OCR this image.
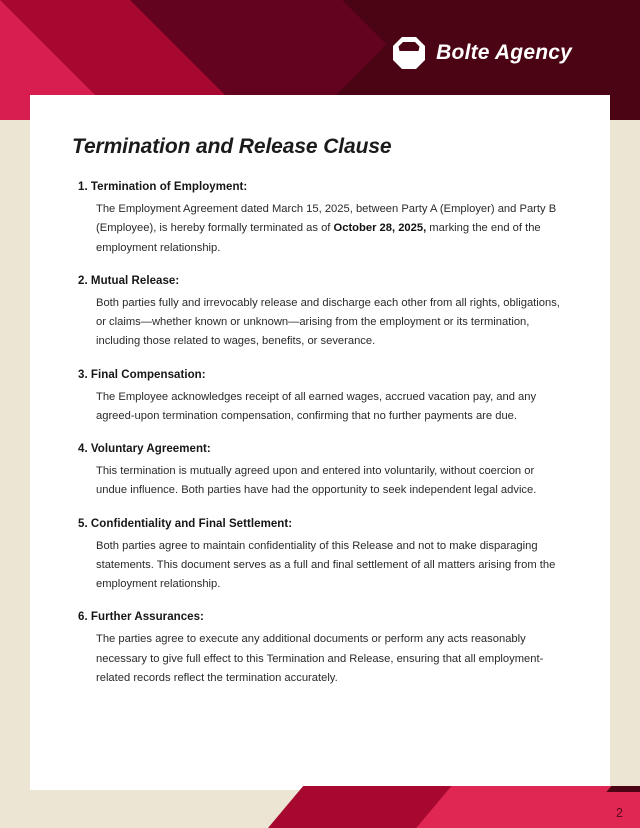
Bolte Agency
Termination and Release Clause

1. Termination of Employment:

The Employment Agreement dated March 15, 2025, between Party A (Employer) and Party B (Employee), is hereby formally terminated as of October 28, 2025, marking the end of the employment relationship.

2. Mutual Release:

Both parties fully and irrevocably release and discharge each other from all rights, obligations, or claims—whether known or unknown—arising from the employment or its termination, including those related to wages, benefits, or severance.

3. Final Compensation:

The Employee acknowledges receipt of all earned wages, accrued vacation pay, and any agreed-upon termination compensation, confirming that no further payments are due.

4. Voluntary Agreement:

This termination is mutually agreed upon and entered into voluntarily, without coercion or undue influence. Both parties have had the opportunity to seek independent legal advice.

5. Confidentiality and Final Settlement:

Both parties agree to maintain confidentiality of this Release and not to make disparaging statements. This document serves as a full and final settlement of all matters arising from the employment relationship.

6. Further Assurances:

The parties agree to execute any additional documents or perform any acts reasonably necessary to give full effect to this Termination and Release, ensuring that all employment-related records reflect the termination accurately.

2
